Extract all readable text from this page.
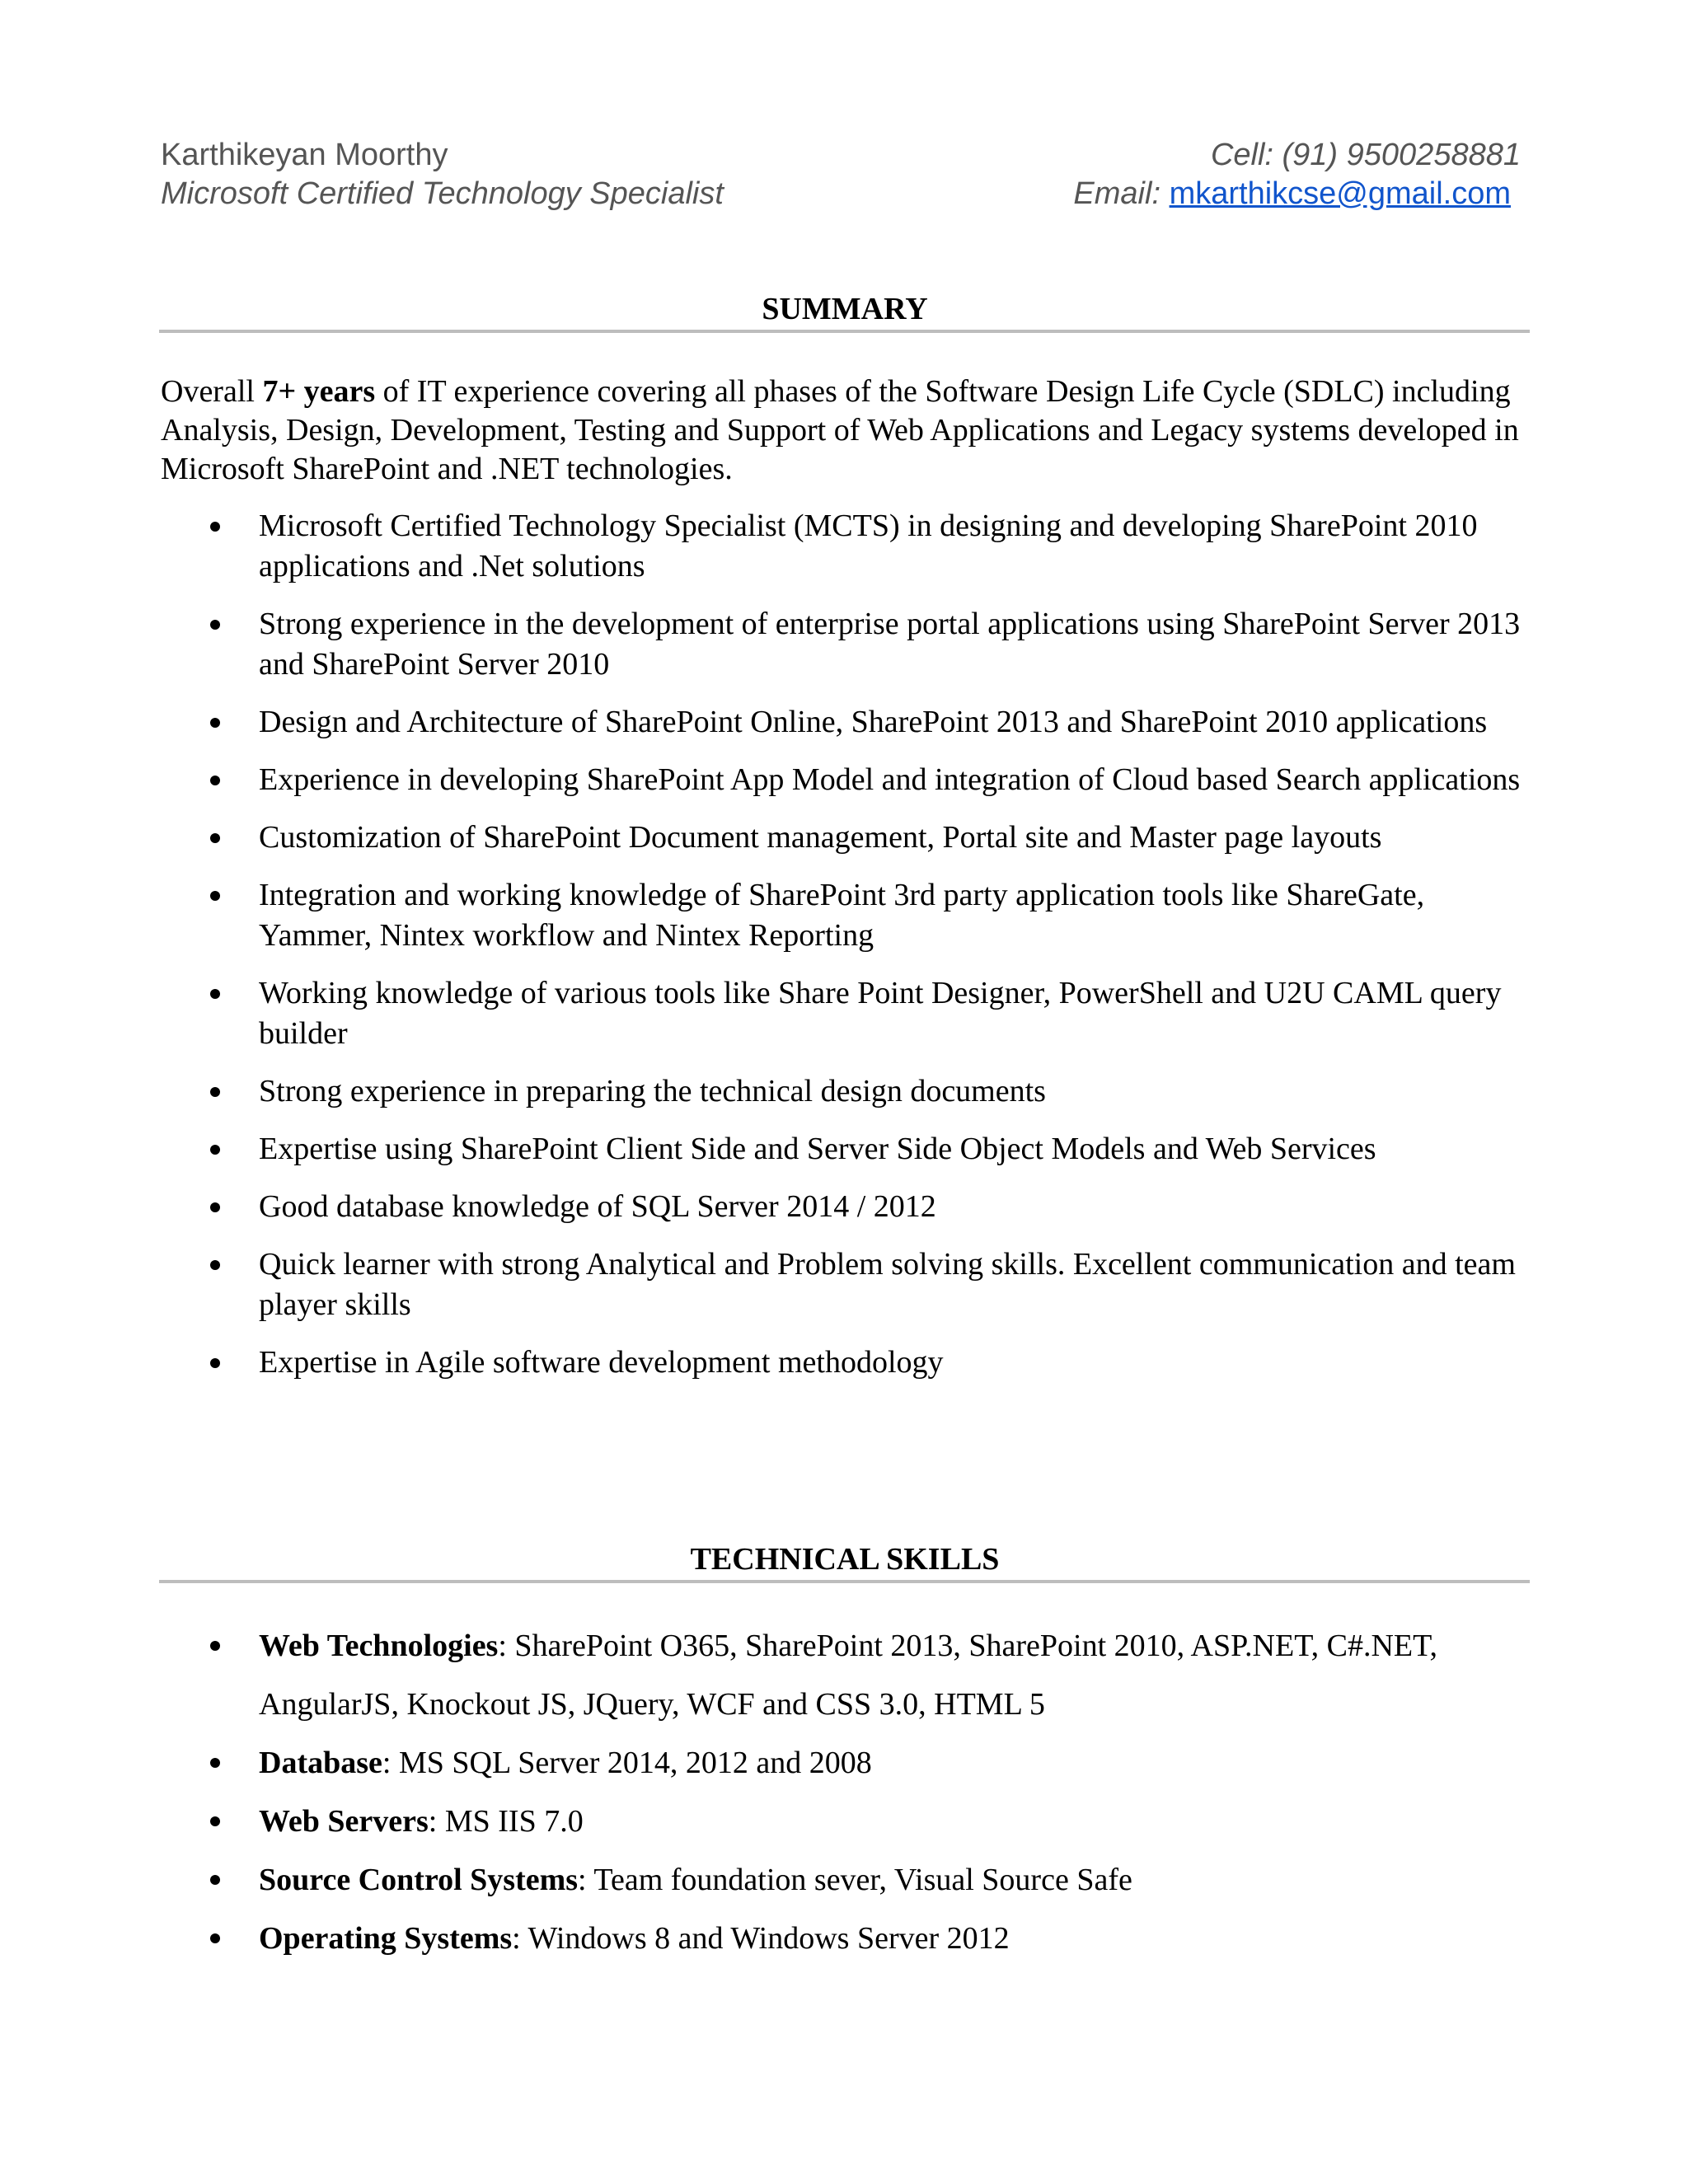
Karthikeyan Moorthy	Cell: (91) 9500258881
Microsoft Certified Technology Specialist	Email: mkarthikcse@gmail.com
SUMMARY
Overall 7+ years of IT experience covering all phases of the Software Design Life Cycle (SDLC) including Analysis, Design, Development, Testing and Support of Web Applications and Legacy systems developed in Microsoft SharePoint and .NET technologies.
Microsoft Certified Technology Specialist (MCTS) in designing and developing SharePoint 2010 applications and .Net solutions
Strong experience in the development of enterprise portal applications using SharePoint Server 2013 and SharePoint Server 2010
Design and Architecture of SharePoint Online, SharePoint 2013 and SharePoint 2010 applications
Experience in developing SharePoint App Model and integration of Cloud based Search applications
Customization of SharePoint Document management, Portal site and Master page layouts
Integration and working knowledge of SharePoint 3rd party application tools like ShareGate, Yammer, Nintex workflow and Nintex Reporting
Working knowledge of various tools like Share Point Designer, PowerShell and U2U CAML query builder
Strong experience in preparing the technical design documents
Expertise using SharePoint Client Side and Server Side Object Models and Web Services
Good database knowledge of SQL Server 2014 / 2012
Quick learner with strong Analytical and Problem solving skills. Excellent communication and team player skills
Expertise in Agile software development methodology
TECHNICAL SKILLS
Web Technologies: SharePoint O365, SharePoint 2013, SharePoint 2010, ASP.NET, C#.NET, AngularJS, Knockout JS, JQuery, WCF and CSS 3.0, HTML 5
Database: MS SQL Server 2014, 2012 and 2008
Web Servers: MS IIS 7.0
Source Control Systems: Team foundation sever, Visual Source Safe
Operating Systems: Windows 8 and Windows Server 2012
